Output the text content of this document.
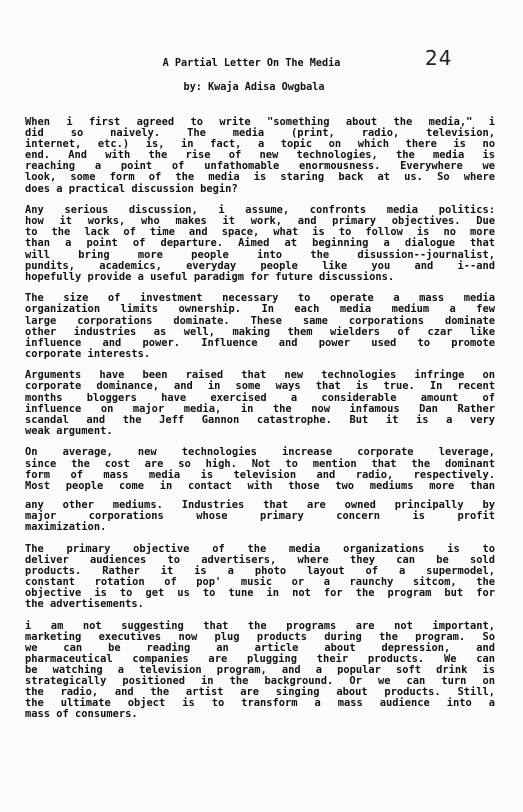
24
A Partial Letter On The Media
by: Kwaja Adisa Owgbala
When i first agreed to write "something about the media," i
did so naively. The media (print, radio, television,
internet, etc.) is, in fact, a topic on which there is no
end. And with the rise of new technologies, the media is
reaching a point of unfathomable enormousness. Everywhere we
look, some form of the media is staring back at us. So where
does a practical discussion begin?
Any serious discussion, i assume, confronts media politics:
how it works, who makes it work, and primary objectives. Due
to the lack of time and space, what is to follow is no more
than a point of departure. Aimed at beginning a dialogue that
will bring more people into the disussion--journalist,
pundits, academics, everyday people like you and i--and
hopefully provide a useful paradigm for future discussions.
The size of investment necessary to operate a mass media
organization limits ownership. In each media medium a few
large corporations dominate. These same corporations dominate
other industries as well, making them wielders of czar like
influence and power. Influence and power used to promote
corporate interests.
Arguments have been raised that new technologies infringe on
corporate dominance, and in some ways that is true. In recent
months bloggers have exercised a considerable amount of
influence on major media, in the now infamous Dan Rather
scandal and the Jeff Gannon catastrophe. But it is a very
weak argument.
On average, new technologies increase corporate leverage,
since the cost are so high. Not to mention that the dominant
form of mass media is television and radio, respectively.
Most people come in contact with those two mediums more than
any other mediums. Industries that are owned principally by
major corporations whose primary concern is profit
maximization.
The primary objective of the media organizations is to
deliver audiences to advertisers, where they can be sold
products. Rather it is a photo layout of a supermodel,
constant rotation of pop' music or a raunchy sitcom, the
objective is to get us to tune in not for the program but for
the advertisements.
i am not suggesting that the programs are not important,
marketing executives now plug products during the program. So
we can be reading an article about depression, and
pharmaceutical companies are plugging their products. We can
be watching a television program, and a popular soft drink is
strategically positioned in the background. Or we can turn on
the radio, and the artist are singing about products. Still,
the ultimate object is to transform a mass audience into a
mass of consumers.
